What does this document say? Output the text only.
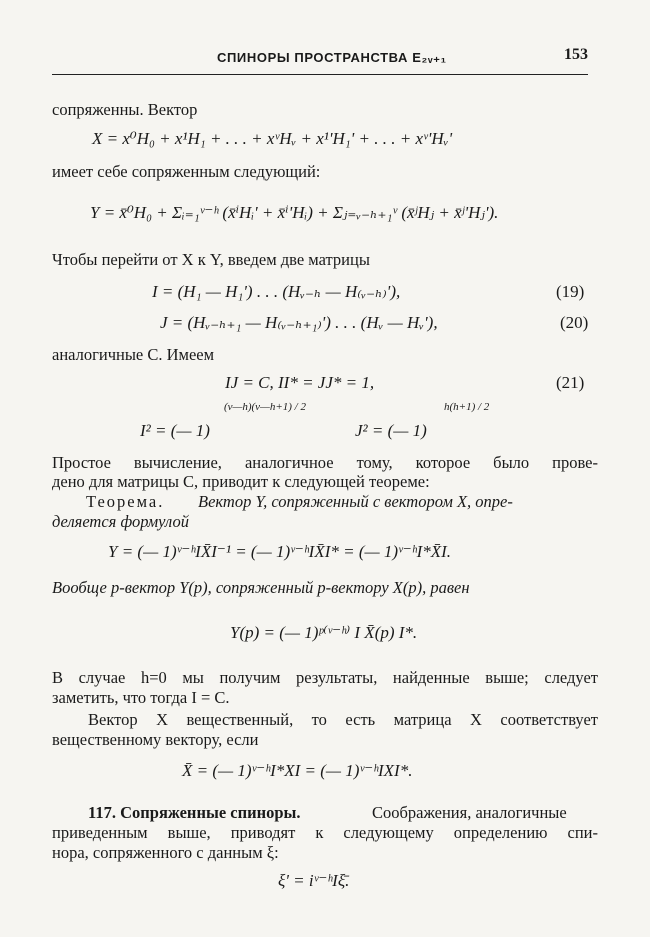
СПИНОРЫ ПРОСТРАНСТВА E₂ᵥ₊₁	153
сопряженны. Вектор
X = x⁰H₀ + x¹H₁ + . . . + xᵛHᵥ + x¹'H₁' + . . . + xᵛ'Hᵥ'
имеет себе сопряженным следующий:
Y = x̄⁰H₀ + Σᵢ₌₁ᵛ⁻ʰ (x̄ⁱHᵢ' + x̄ⁱ'Hᵢ) + Σⱼ₌ᵥ₋ₕ₊₁ᵛ (x̄ʲHⱼ + x̄ʲ'Hⱼ').
Чтобы перейти от X к Y, введем две матрицы
I = (H₁ — H₁') . . . (Hᵥ₋ₕ — H₍ᵥ₋ₕ₎'),	(19)
J = (Hᵥ₋ₕ₊₁ — H₍ᵥ₋ₕ₊₁₎') . . . (Hᵥ — Hᵥ'),	(20)
аналогичные C. Имеем
IJ = C, II* = JJ* = 1,	(21)
I² = (— 1)
(ν—h)(ν—h+1) / 2
J² = (— 1)
h(h+1) / 2
Простое вычисление, аналогичное тому, которое было прове-
дено для матрицы C, приводит к следующей теореме:
Теорема. Вектор Y, сопряженный с вектором X, опре-
деляется формулой
Y = (— 1)ᵛ⁻ʰIX̄I⁻¹ = (— 1)ᵛ⁻ʰIX̄I* = (— 1)ᵛ⁻ʰI*X̄I.
Вообще p-вектор Y(p), сопряженный p-вектору X(p), равен
Y(p) = (— 1)ᵖ⁽ᵛ⁻ʰ⁾ I X̄(p) I*.
В случае h=0 мы получим результаты, найденные выше; следует
заметить, что тогда I = C.
Вектор X вещественный, то есть матрица X соответствует
вещественному вектору, если
X̄ = (— 1)ᵛ⁻ʰI*XI = (— 1)ᵛ⁻ʰIXI*.
117. Сопряженные спиноры.	Соображения, аналогичные
приведенным выше, приводят к следующему определению спи-
нора, сопряженного с данным ξ:
ξ' = iᵛ⁻ʰIξ̄.
